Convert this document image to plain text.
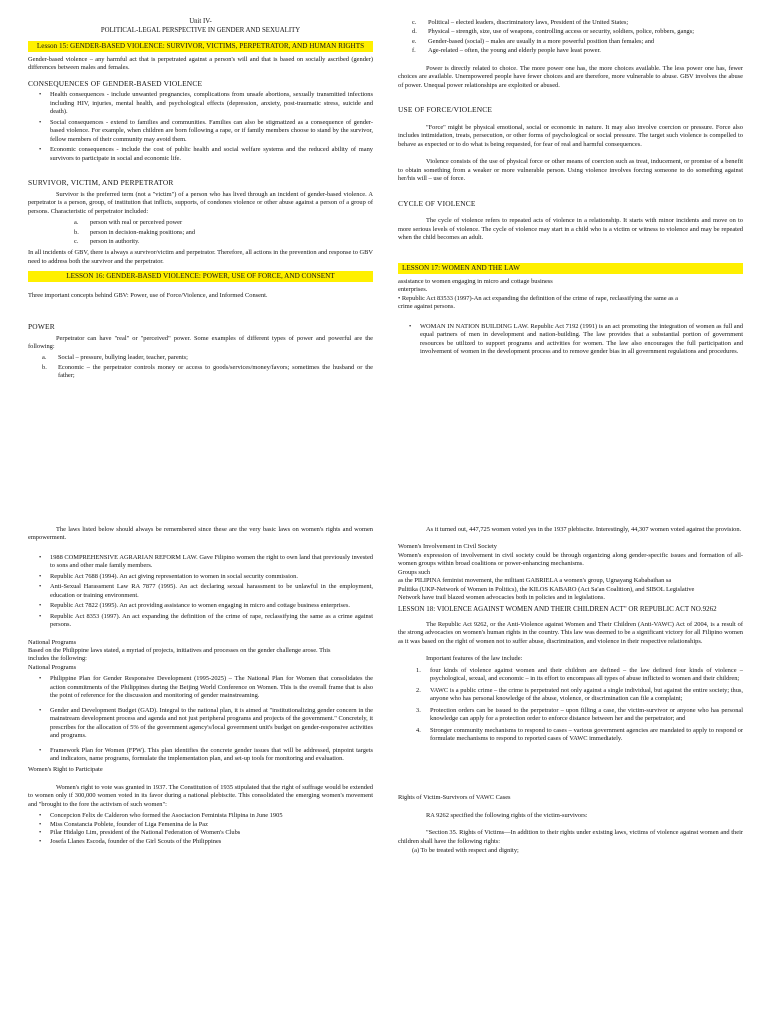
Unit IV-
POLITICAL-LEGAL PERSPECTIVE IN GENDER AND SEXUALITY
Lesson 15: GENDER-BASED VIOLENCE: SURVIVOR, VICTIMS, PERPETRATOR, AND HUMAN RIGHTS
Gender-based violence – any harmful act that is perpetrated against a person's will and that is based on socially ascribed (gender) differences between males and females.
CONSEQUENCES OF GENDER-BASED VIOLENCE
• Health consequences - include unwanted pregnancies, complications from unsafe abortions, sexually transmitted infections including HIV, injuries, mental health, and psychological effects (depression, anxiety, post-traumatic stress, suicide and death).
• Social consequences - extend to families and communities. Families can also be stigmatized as a consequence of gender-based violence. For example, when children are born following a rape, or if family members choose to stand by the survivor, fellow members of their community may avoid them.
• Economic consequences - include the cost of public health and social welfare systems and the reduced ability of many survivors to participate in social and economic life.
SURVIVOR, VICTIM, AND PERPETRATOR
Survivor is the preferred term (not a "victim") of a person who has lived through an incident of gender-based violence. A perpetrator is a person, group, of institution that inflicts, supports, of condones violence or other abuse against a person of a group of persons. Characteristic of perpetrator included:
a. person with real or perceived power
b. person in decision-making positions; and
c. person in authority.
In all incidents of GBV, there is always a survivor/victim and perpetrator. Therefore, all actions in the prevention and response to GBV need to address both the survivor and the perpetrator.
LESSON 16: GENDER-BASED VIOLENCE: POWER, USE OF FORCE, AND CONSENT
Three important concepts behind GBV: Power, use of Force/Violence, and Informed Consent.
POWER
Perpetrator can have "real" or "perceived" power. Some examples of different types of power and powerful are the following:
a. Social – pressure, bullying leader, teacher, parents;
b. Economic – the perpetrator controls money or access to goods/services/money/favors; sometimes the husband or the father;
c. Political – elected leaders, discriminatory laws, President of the United States;
d. Physical – strength, size, use of weapons, controlling access or security, soldiers, police, robbers, gangs;
e. Gender-based (social) – males are usually in a more powerful position than females; and
f. Age-related – often, the young and elderly people have least power.
Power is directly related to choice. The more power one has, the more choices available. The less power one has, fewer choices are available. Unempowered people have fewer choices and are therefore, more vulnerable to abuse. GBV involves the abuse of power. Unequal power relationships are exploited or abused.
USE OF FORCE/VIOLENCE
"Force" might be physical emotional, social or economic in nature. It may also involve coercion or pressure. Force also includes intimidation, treats, persecution, or other forms of psychological or social pressure. The target such violence is compelled to behave as expected or to do what is being requested, for fear of real and harmful consequences.
Violence consists of the use of physical force or other means of coercion such as treat, inducement, or promise of a benefit to obtain something from a weaker or more vulnerable person. Using violence involves forcing someone to do something against her/his will – use of force.
CYCLE OF VIOLENCE
The cycle of violence refers to repeated acts of violence in a relationship. It starts with minor incidents and move on to more serious levels of violence. The cycle of violence may start in a child who is a victim or witness to violence and may be repeated when the child becomes an adult.
LESSON 17: WOMEN AND THE LAW
assistance to women engaging in micro and cottage business
enterprises.
• Republic Act 83533 (1997)-An act expanding the definition of the crime of rape, reclassifying the same as a
crime against persons.
• WOMAN IN NATION BUILDING LAW. Republic Act 7192 (1991) is an act promoting the integration of women as full and equal partners of men in development and nation-building. The law provides that a substantial portion of government resources be utilized to support programs and activities for women. The law also encourages the full participation and involvement of women in the development process and to remove gender bias in all government regulations and procedures.
The laws listed below should always be remembered since these are the very basic laws on women's rights and women empowerment.
• 1988 COMPREHENSIVE AGRARIAN REFORM LAW. Gave Filipino women the right to own land that previously invested to sons and other male family members.
• Republic Act 7688 (1994). An act giving representation to women in social security commission.
• Anti-Sexual Harassment Law RA 7877 (1995). An act declaring sexual harassment to be unlawful in the employment, education or training environment.
• Republic Act 7822 (1995). An act providing assistance to women engaging in micro and cottage business enterprises.
• Republic Act 8353 (1997). An act expanding the definition of the crime of rape, reclassifying the same as a crime against persons.
National Programs
Based on the Philippine laws stated, a myriad of projects, initiatives and processes on the gender challenge arose. This
includes the following:
National Programs
• Philippine Plan for Gender Responsive Development (1995-2025) – The National Plan for Women that consolidates the action commitments of the Philippines during the Beijing World Conference on Women. This is the overall frame that is also the point of reference for the discussion and monitoring of gender mainstreaming.
• Gender and Development Budget (GAD). Integral to the national plan, it is aimed at "institutionalizing gender concern in the mainstream development process and agenda and not just peripheral programs and projects of the government." Concretely, it prescribes for the allocation of 5% of the government agency's/local government unit's budget on gender-responsive activities and programs.
• Framework Plan for Women (FPW). This plan identifies the concrete gender issues that will be addressed, pinpoint targets and indicators, name programs, formulate the implementation plan, and set-up tools for monitoring and evaluation.
Women's Right to Participate
Women's right to vote was granted in 1937. The Constitution of 1935 stipulated that the right of suffrage would be extended to women only if 300,000 women voted in its favor during a national plebiscite. This consolidated the emerging women's movement and "brought to the fore the activism of such women":
• Concepcion Felix de Calderon who formed the Asociacion Feminista Filipina in June 1905
• Miss Constancia Poblete, founder of Liga Femenina de la Paz
• Pilar Hidalgo Lim, president of the National Federation of Women's Clubs
• Josefa Llanes Escoda, founder of the Girl Scouts of the Philippines
As it turned out, 447,725 women voted yes in the 1937 plebiscite. Interestingly, 44,307 women voted against the provision.
Women's Involvement in Civil Society
Women's expression of involvement in civil society could be through organizing along gender-specific issues and formation of all-women groups within broad coalitions or power-enhancing mechanisms.
Groups such
as the PILIPINA feminist movement, the militant GABRIELA a women's group, Ugnayang Kababaihan sa
Pulitika (UKP-Network of Women in Politics), the KILOS KABARO (Act Sa'an Coalition), and SIBOL Legislative
Network have trail blazed women advocacies both in policies and in legislations.
LESSON 18: VIOLENCE AGAINST WOMEN AND THEIR CHILDREN ACT" OR REPUBLIC ACT NO.9262
The Republic Act 9262, or the Anti-Violence against Women and Their Children (Anti-VAWC) Act of 2004, is a result of the strong advocacies on women's human rights in the country. This law was deemed to be a significant victory for all Filipino women as it was based on the right of women not to suffer abuse, discrimination, and violence in their respective relationships.
Important features of the law include:
1. four kinds of violence against women and their children are defined – the law defined four kinds of violence – psychological, sexual, and economic – in its effort to encompass all types of abuse inflicted to women and their children;
2. VAWC is a public crime – the crime is perpetrated not only against a single individual, but against the entire society; thus, anyone who has personal knowledge of the abuse, violence, or discrimination can file a complaint;
3. Protection orders can be issued to the perpetrator – upon filling a case, the victim-survivor or anyone who has personal knowledge can apply for a protection order to enforce distance between her and the perpetrator; and
4. Stronger community mechanisms to respond to cases – various government agencies are mandated to apply to respond or formulate mechanisms to respond to reported cases of VAWC immediately.
Rights of Victim-Survivors of VAWC Cases
RA 9262 specified the following rights of the victim-survivors:
"Section 35. Rights of Victims—In addition to their rights under existing laws, victims of violence against women and their children shall have the following rights:
(a) To be treated with respect and dignity;
